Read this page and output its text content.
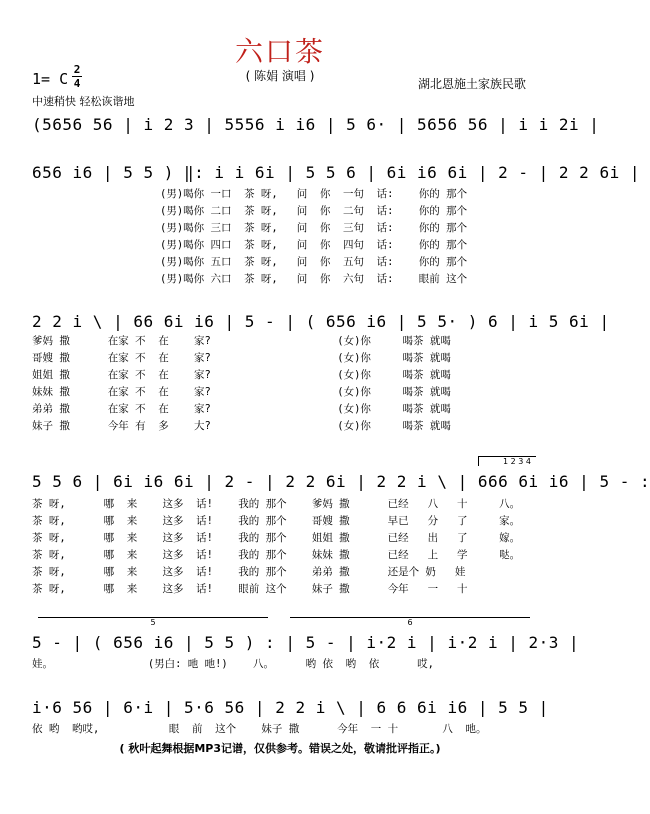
六口茶
( 陈娟 演唱 )
1= C
2
4	湖北恩施土家族民歌
中速稍快 轻松诙谐地
(5656 56 | i 2 3 | 5556 i i6 | 5 6· | 5656 56 | i i 2i |
656 i6 | 5 5 ) ‖: i i 6i | 5 5 6 | 6i i6 6i | 2 - | 2 2 6i |
(男)喝你 一口  茶 呀,   问  你  一句  话:    你的 那个
(男)喝你 二口  茶 呀,   问  你  二句  话:    你的 那个
(男)喝你 三口  茶 呀,   问  你  三句  话:    你的 那个
(男)喝你 四口  茶 呀,   问  你  四句  话:    你的 那个
(男)喝你 五口  茶 呀,   问  你  五句  话:    你的 那个
(男)喝你 六口  茶 呀,   问  你  六句  话:    眼前 这个
2 2 i \ | 66 6i i6 | 5 - | ( 656 i6 | 5 5· ) 6 | i 5 6i |
爹妈 撒      在家 不  在    家?                    (女)你     喝茶 就喝
哥嫂 撒      在家 不  在    家?                    (女)你     喝茶 就喝
姐姐 撒      在家 不  在    家?                    (女)你     喝茶 就喝
妹妹 撒      在家 不  在    家?                    (女)你     喝茶 就喝
弟弟 撒      在家 不  在    家?                    (女)你     喝茶 就喝
妹子 撒      今年 有  多    大?                    (女)你     喝茶 就喝
1 2 3 4
5 5 6 | 6i i6 6i | 2 - | 2 2 6i | 2 2 i \ | 666 6i i6 | 5 - :
茶 呀,      哪  来    这多  话!    我的 那个    爹妈 撒      已经   八   十     八。
茶 呀,      哪  来    这多  话!    我的 那个    哥嫂 撒      早已   分   了     家。
茶 呀,      哪  来    这多  话!    我的 那个    姐姐 撒      已经   出   了     嫁。
茶 呀,      哪  来    这多  话!    我的 那个    妹妹 撒      已经   上   学     哒。
茶 呀,      哪  来    这多  话!    我的 那个    弟弟 撒      还是个 奶   娃
茶 呀,      哪  来    这多  话!    眼前 这个    妹子 撒      今年   一   十
5	6
5 - | ( 656 i6 | 5 5 ) : | 5 - | i·2 i | i·2 i | 2·3 |
娃。               (男白: 吔 吔!)    八。     哟 依  哟  依      哎,
i·6 56 | 6·i | 5·6 56 | 2 2 i \ | 6 6 6i i6 | 5 5 |
依 哟  哟哎,           眼  前  这个    妹子 撒      今年  一 十       八  吔。
( 秋叶起舞根据MP3记谱，仅供参考。错误之处，敬请批评指正。)
